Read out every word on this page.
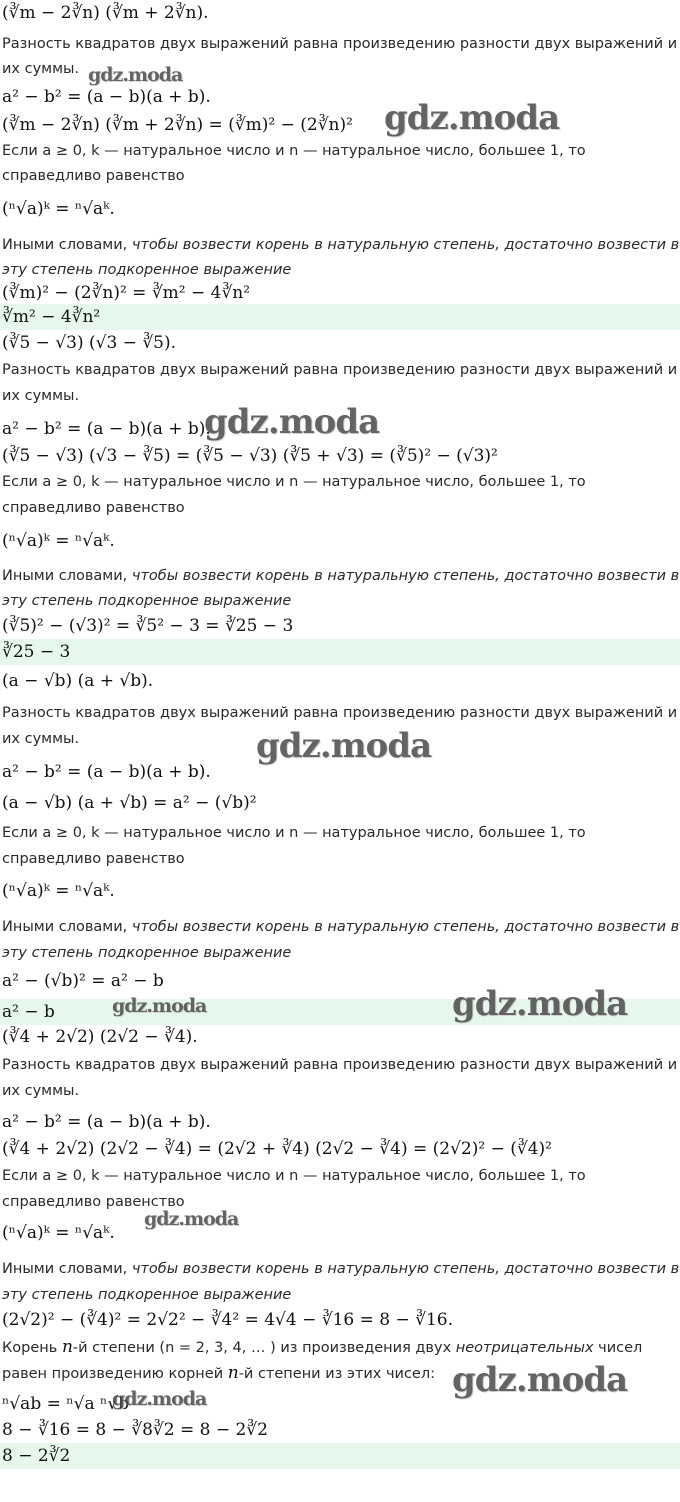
(∛m − 2∛n) (∛m + 2∛n).
Разность квадратов двух выражений равна произведению разности двух выражений и
их суммы.
a² − b² = (a − b)(a + b).
(∛m − 2∛n) (∛m + 2∛n) = (∛m)² − (2∛n)²
Если a ≥ 0, k — натуральное число и n — натуральное число, большее 1, то
справедливо равенство
(ⁿ√a)ᵏ = ⁿ√aᵏ.
Иными словами, чтобы возвести корень в натуральную степень, достаточно возвести в
эту степень подкоренное выражение
(∛m)² − (2∛n)² = ∛m² − 4∛n²
∛m² − 4∛n²
(∛5 − √3) (√3 − ∛5).
Разность квадратов двух выражений равна произведению разности двух выражений и
их суммы.
a² − b² = (a − b)(a + b).
(∛5 − √3) (√3 − ∛5) = (∛5 − √3) (∛5 + √3) = (∛5)² − (√3)²
Если a ≥ 0, k — натуральное число и n — натуральное число, большее 1, то
справедливо равенство
(ⁿ√a)ᵏ = ⁿ√aᵏ.
Иными словами, чтобы возвести корень в натуральную степень, достаточно возвести в
эту степень подкоренное выражение
(∛5)² − (√3)² = ∛5² − 3 = ∛25 − 3
∛25 − 3
(a − √b) (a + √b).
Разность квадратов двух выражений равна произведению разности двух выражений и
их суммы.
a² − b² = (a − b)(a + b).
(a − √b) (a + √b) = a² − (√b)²
Если a ≥ 0, k — натуральное число и n — натуральное число, большее 1, то
справедливо равенство
(ⁿ√a)ᵏ = ⁿ√aᵏ.
Иными словами, чтобы возвести корень в натуральную степень, достаточно возвести в
эту степень подкоренное выражение
a² − (√b)² = a² − b
a² − b
(∛4 + 2√2) (2√2 − ∛4).
Разность квадратов двух выражений равна произведению разности двух выражений и
их суммы.
a² − b² = (a − b)(a + b).
(∛4 + 2√2) (2√2 − ∛4) = (2√2 + ∛4) (2√2 − ∛4) = (2√2)² − (∛4)²
Если a ≥ 0, k — натуральное число и n — натуральное число, большее 1, то
справедливо равенство
(ⁿ√a)ᵏ = ⁿ√aᵏ.
Иными словами, чтобы возвести корень в натуральную степень, достаточно возвести в
эту степень подкоренное выражение
(2√2)² − (∛4)² = 2√2² − ∛4² = 4√4 − ∛16 = 8 − ∛16.
Корень n-й степени (n = 2, 3, 4, … ) из произведения двух неотрицательных чисел
равен произведению корней n-й степени из этих чисел:
ⁿ√ab = ⁿ√a ⁿ√b
8 − ∛16 = 8 − ∛8∛2 = 8 − 2∛2
8 − 2∛2
gdz.moda
gdz.moda
gdz.moda
gdz.moda
gdz.moda	gdz.moda
gdz.moda
gdz.moda
gdz.moda
